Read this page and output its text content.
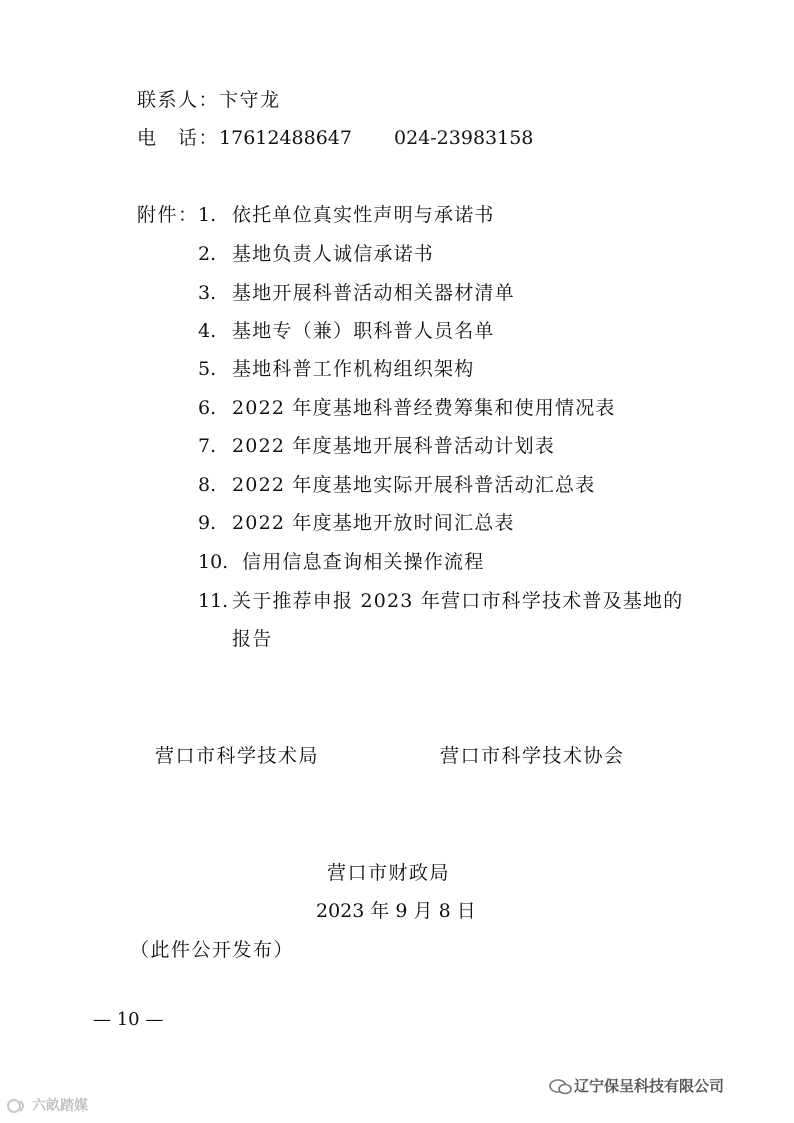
联系人：卞守龙
电　话：17612488647 024-23983158
附件： 1. 依托单位真实性声明与承诺书
2. 基地负责人诚信承诺书
3. 基地开展科普活动相关器材清单
4. 基地专（兼）职科普人员名单
5. 基地科普工作机构组织架构
6. 2022 年度基地科普经费筹集和使用情况表
7. 2022 年度基地开展科普活动计划表
8. 2022 年度基地实际开展科普活动汇总表
9. 2022 年度基地开放时间汇总表
10. 信用信息查询相关操作流程
11. 关于推荐申报 2023 年营口市科学技术普及基地的
报告
营口市科学技术局	营口市科学技术协会
营口市财政局
2023 年 9 月 8 日
（此件公开发布）
— 10 —
六畝踏媒
辽宁保呈科技有限公司
